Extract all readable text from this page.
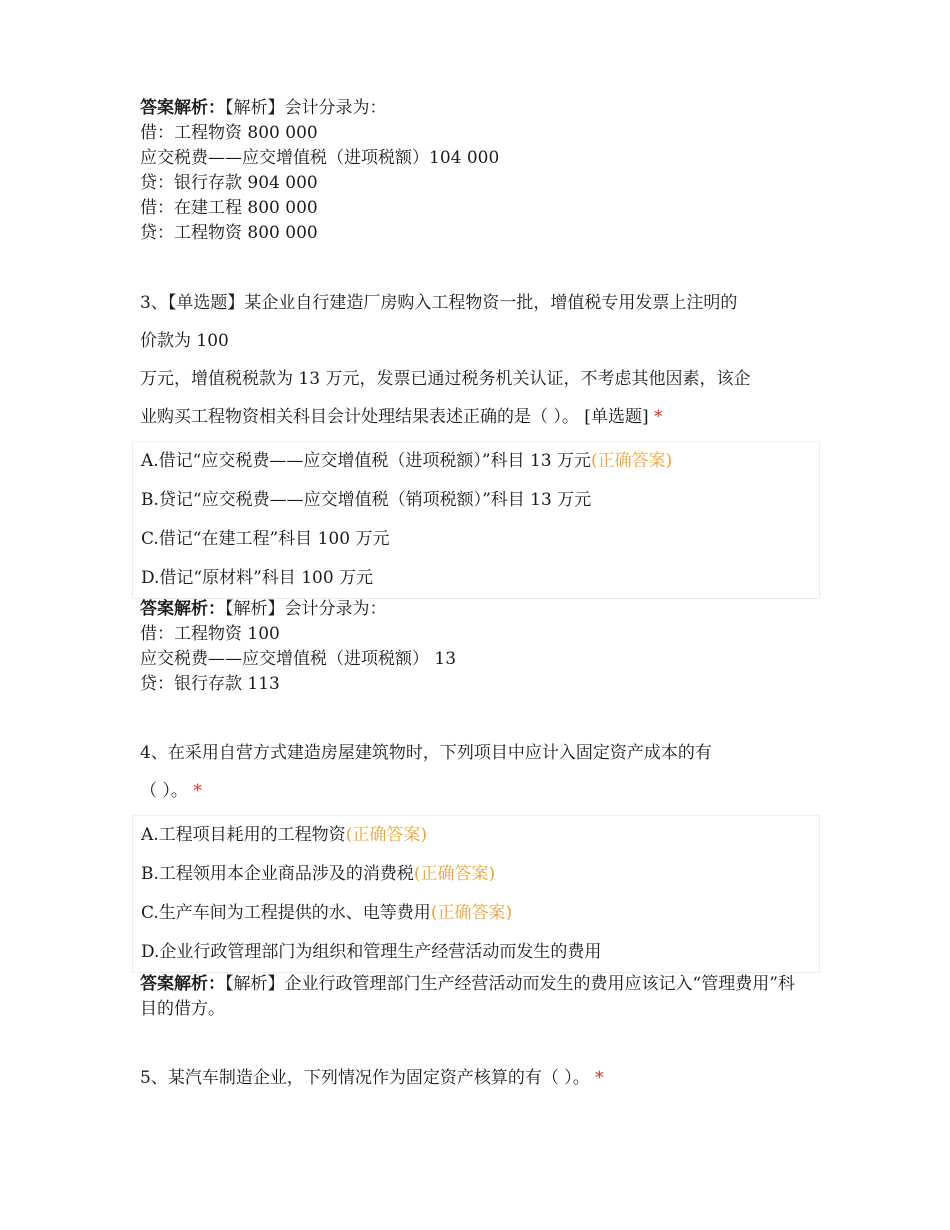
答案解析：【解析】会计分录为：
借：工程物资 800 000
应交税费——应交增值税（进项税额）104 000
贷：银行存款 904 000
借：在建工程 800 000
贷：工程物资 800 000
3、【单选题】某企业自行建造厂房购入工程物资一批，增值税专用发票上注明的
价款为 100
万元，增值税税款为 13 万元，发票已通过税务机关认证，不考虑其他因素，该企
业购买工程物资相关科目会计处理结果表述正确的是（ ）。 [单选题] *
A.借记“应交税费——应交增值税（进项税额）”科目 13 万元(正确答案)
B.贷记“应交税费——应交增值税（销项税额）”科目 13 万元
C.借记“在建工程”科目 100 万元
D.借记“原材料”科目 100 万元
答案解析：【解析】会计分录为：
借：工程物资 100
应交税费——应交增值税（进项税额） 13
贷：银行存款 113
4、在采用自营方式建造房屋建筑物时，下列项目中应计入固定资产成本的有
（ ）。 *
A.工程项目耗用的工程物资(正确答案)
B.工程领用本企业商品涉及的消费税(正确答案)
C.生产车间为工程提供的水、电等费用(正确答案)
D.企业行政管理部门为组织和管理生产经营活动而发生的费用
答案解析：【解析】企业行政管理部门生产经营活动而发生的费用应该记入“管理费用”科目的借方。
5、某汽车制造企业，下列情况作为固定资产核算的有（ ）。 *
